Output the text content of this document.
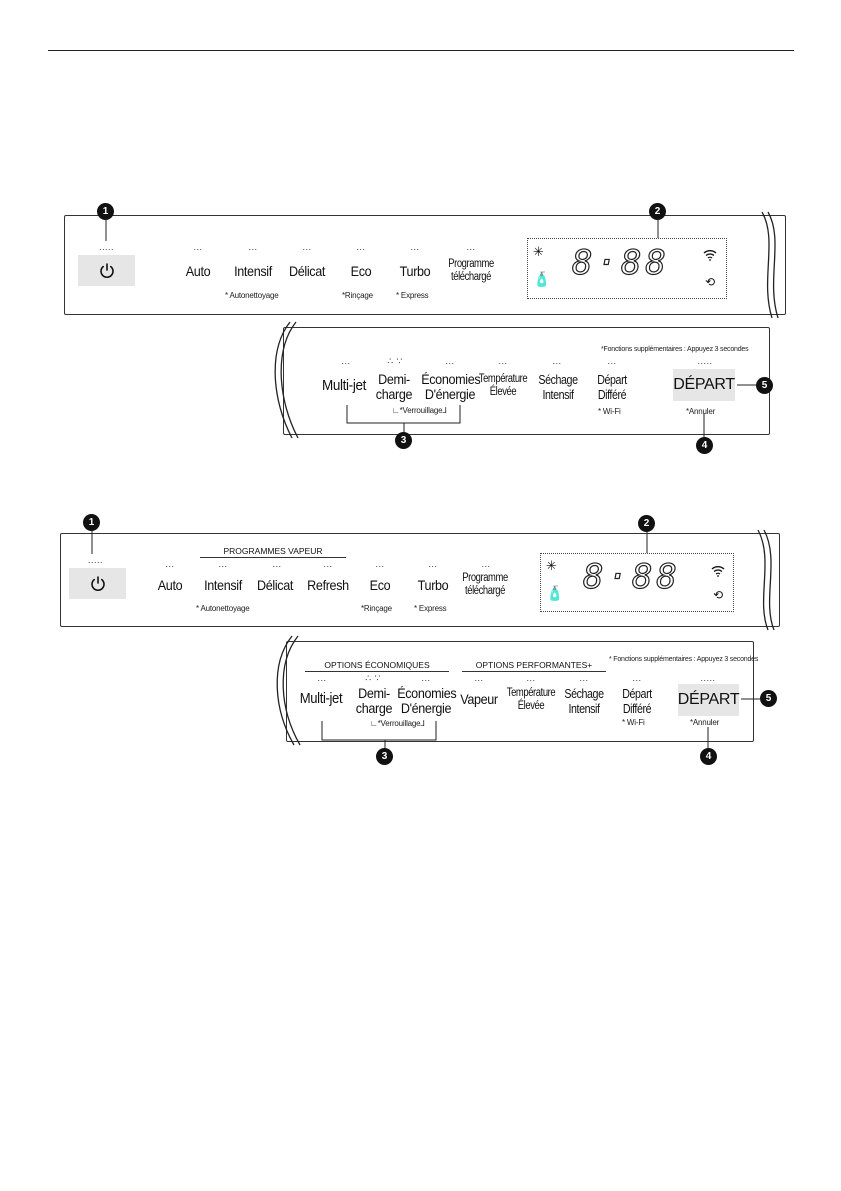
1
.....	...
Auto
...
Intensif
...
Délicat
...
Eco
...
Turbo
...
Programme
téléchargé
* Autonettoyage	*Rinçage	* Express
2
8·88
✳
🧴	⟲
*Fonctions supplémentaires : Appuyez 3 secondes
...
Multi-jet
∴ ∵
Demi-
charge
...
Économies
D'énergie
...
Température
Élevée
...
Séchage
Intensif
...
Départ
Différé
.....
DÉPART
∟*Verrouillage⅃	* Wi-Fi	*Annuler
3	4
5
1
.....
PROGRAMMES VAPEUR
...
Auto
...
Intensif
...
Délicat
...
Refresh
...
Eco
...
Turbo
...
Programme
téléchargé
* Autonettoyage	*Rinçage	* Express
2
8·88
✳
🧴	⟲
OPTIONS ÉCONOMIQUES	OPTIONS PERFORMANTES+
* Fonctions supplémentaires : Appuyez 3 secondes
...
Multi-jet
∴ ∵
Demi-
charge
...
Économies
D'énergie
...
Vapeur
...
Température
Élevée
...
Séchage
Intensif
...
Départ
Différé
.....
DÉPART
∟*Verrouillage⅃	* Wi-Fi	*Annuler
3	4
5
